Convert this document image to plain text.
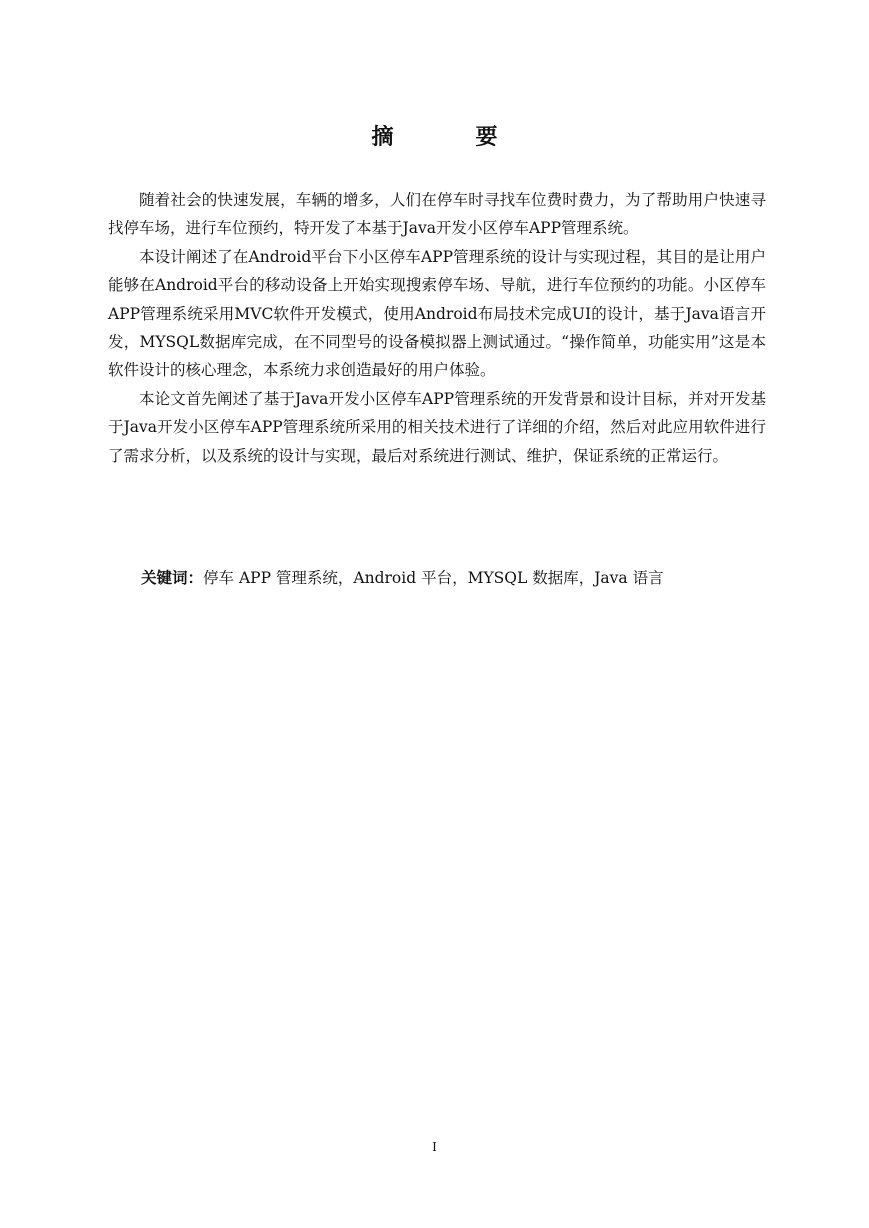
摘　要

随着社会的快速发展，车辆的增多，人们在停车时寻找车位费时费力，为了帮助用户快速寻找停车场，进行车位预约，特开发了本基于Java开发小区停车APP管理系统。

本设计阐述了在Android平台下小区停车APP管理系统的设计与实现过程，其目的是让用户能够在Android平台的移动设备上开始实现搜索停车场、导航，进行车位预约的功能。小区停车APP管理系统采用MVC软件开发模式，使用Android布局技术完成UI的设计，基于Java语言开发，MYSQL数据库完成，在不同型号的设备模拟器上测试通过。“操作简单，功能实用”这是本软件设计的核心理念，本系统力求创造最好的用户体验。

本论文首先阐述了基于Java开发小区停车APP管理系统的开发背景和设计目标，并对开发基于Java开发小区停车APP管理系统所采用的相关技术进行了详细的介绍，然后对此应用软件进行了需求分析，以及系统的设计与实现，最后对系统进行测试、维护，保证系统的正常运行。

关键词：停车 APP 管理系统，Android 平台，MYSQL 数据库，Java 语言
I
